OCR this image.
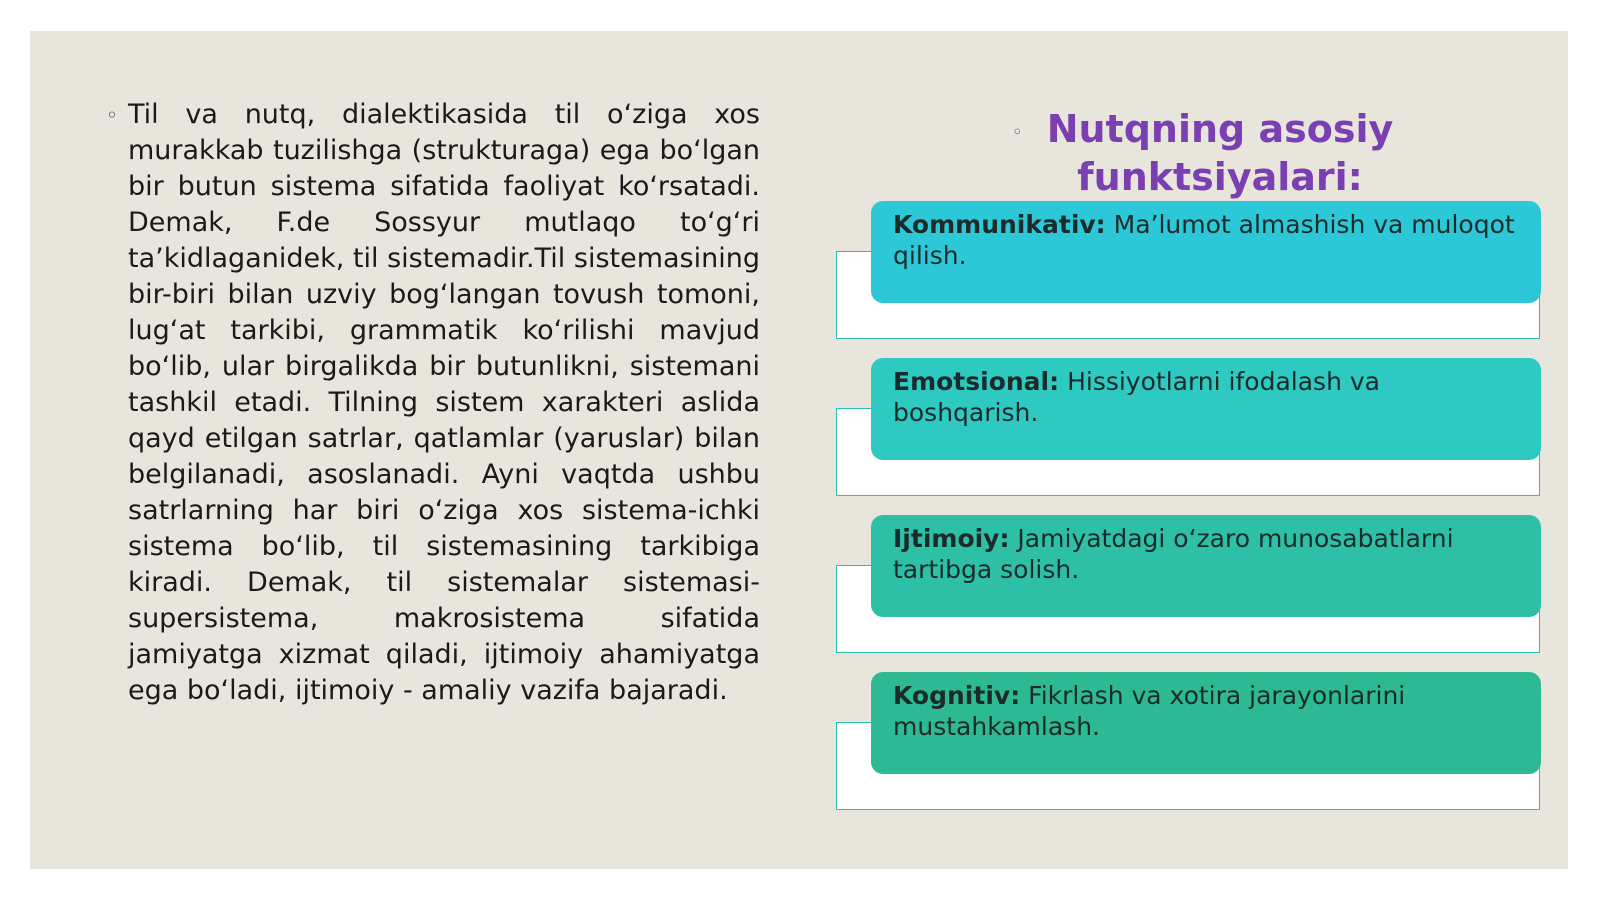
◦ Til va nutq, dialektikasida til o‘ziga xos murakkab tuzilishga (strukturaga) ega bo‘lgan bir butun sistema sifatida faoliyat ko‘rsatadi. Demak, F.de Sossyur mutlaqo to‘g‘ri ta’kidlaganidek, til sistemadir.Til sistemasining bir-biri bilan uzviy bog‘langan tovush tomoni, lug‘at tarkibi, grammatik ko‘rilishi mavjud bo‘lib, ular birgalikda bir butunlikni, sistemani tashkil etadi. Tilning sistem xarakteri aslida qayd etilgan satrlar, qatlamlar (yaruslar) bilan belgilanadi, asoslanadi. Ayni vaqtda ushbu satrlarning har biri o‘ziga xos sistema-ichki sistema bo‘lib, til sistemasining tarkibiga kiradi. Demak, til sistemalar sistemasi-supersistema, makrosistema sifatida jamiyatga xizmat qiladi, ijtimoiy ahamiyatga ega bo‘ladi, ijtimoiy - amaliy vazifa bajaradi.
◦ Nutqning asosiy funktsiyalari:
Kommunikativ: Ma’lumot almashish va muloqot qilish.
Emotsional: Hissiyotlarni ifodalash va boshqarish.
Ijtimoiy: Jamiyatdagi o‘zaro munosabatlarni tartibga solish.
Kognitiv: Fikrlash va xotira jarayonlarini mustahkamlash.
